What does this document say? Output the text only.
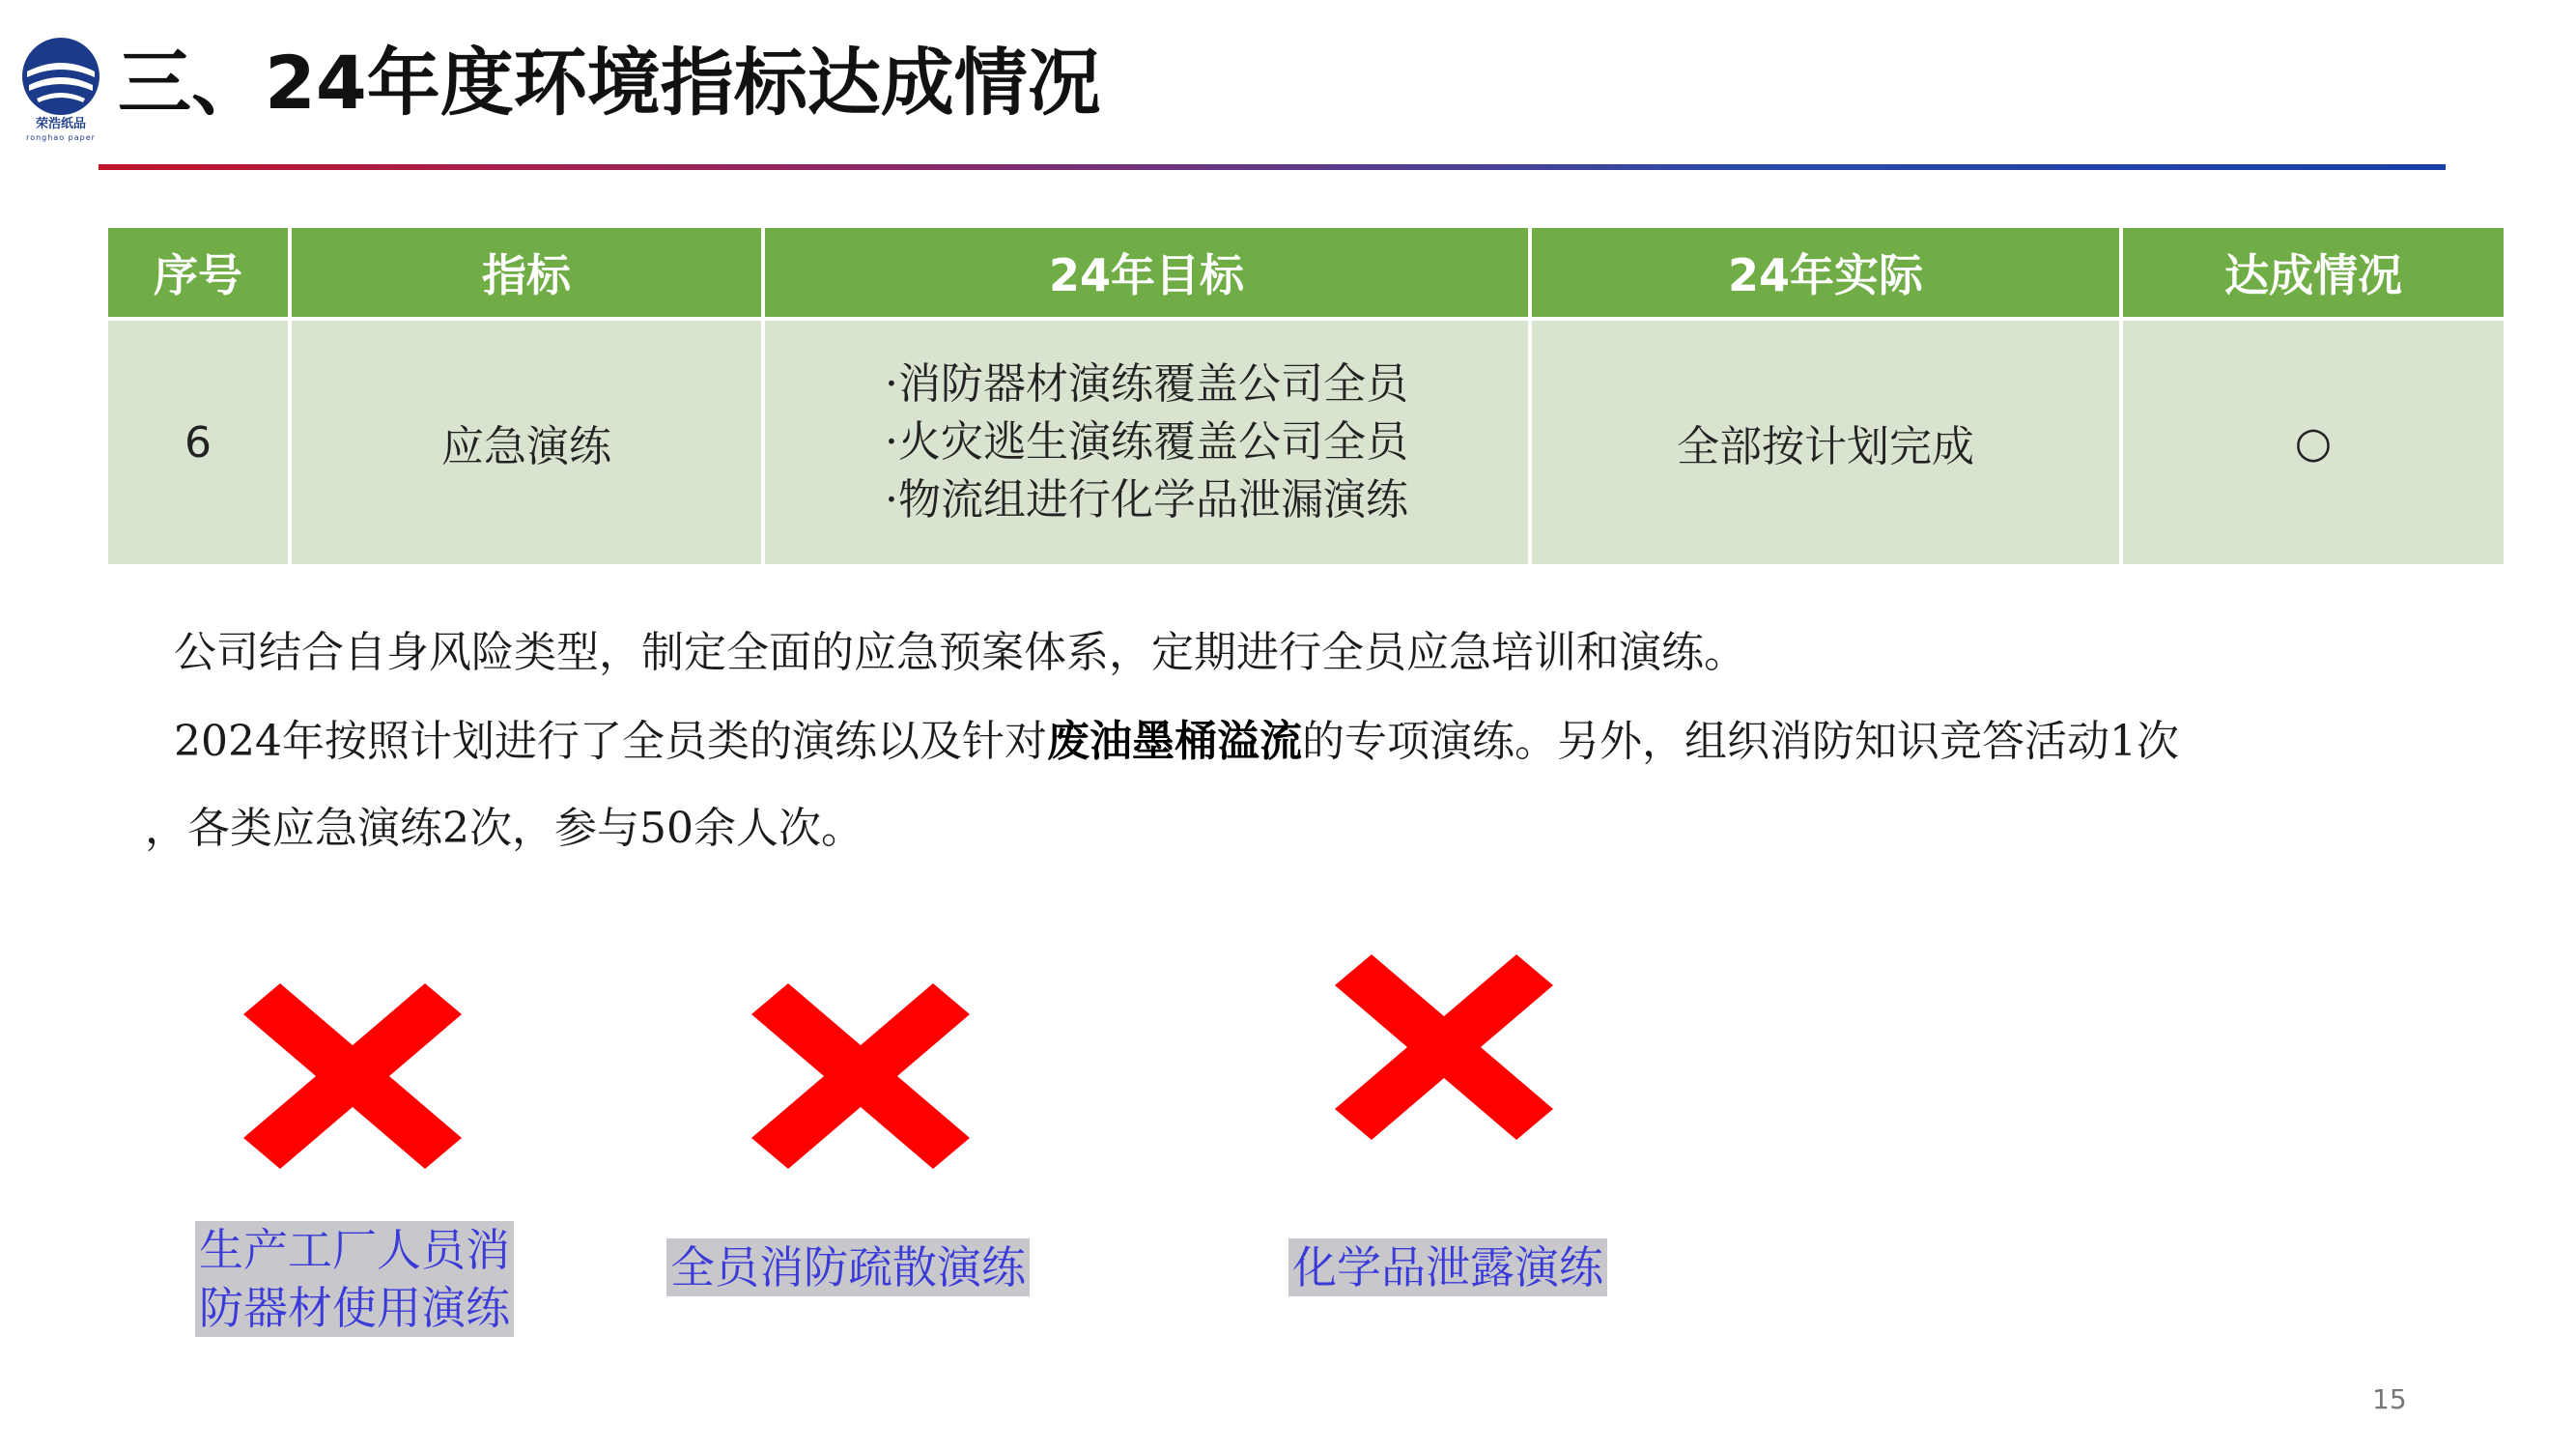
荣浩纸品
ronghao paper
三、24年度环境指标达成情况
序号	指标	24年目标	24年实际	达成情况
6	应急演练	·消防器材演练覆盖公司全员
·火灾逃生演练覆盖公司全员
·物流组进行化学品泄漏演练	全部按计划完成	○
公司结合自身风险类型，制定全面的应急预案体系，定期进行全员应急培训和演练。
2024年按照计划进行了全员类的演练以及针对废油墨桶溢流的专项演练。另外，组织消防知识竞答活动1次
，各类应急演练2次，参与50余人次。
生产工厂人员消
防器材使用演练
全员消防疏散演练	化学品泄露演练
15
